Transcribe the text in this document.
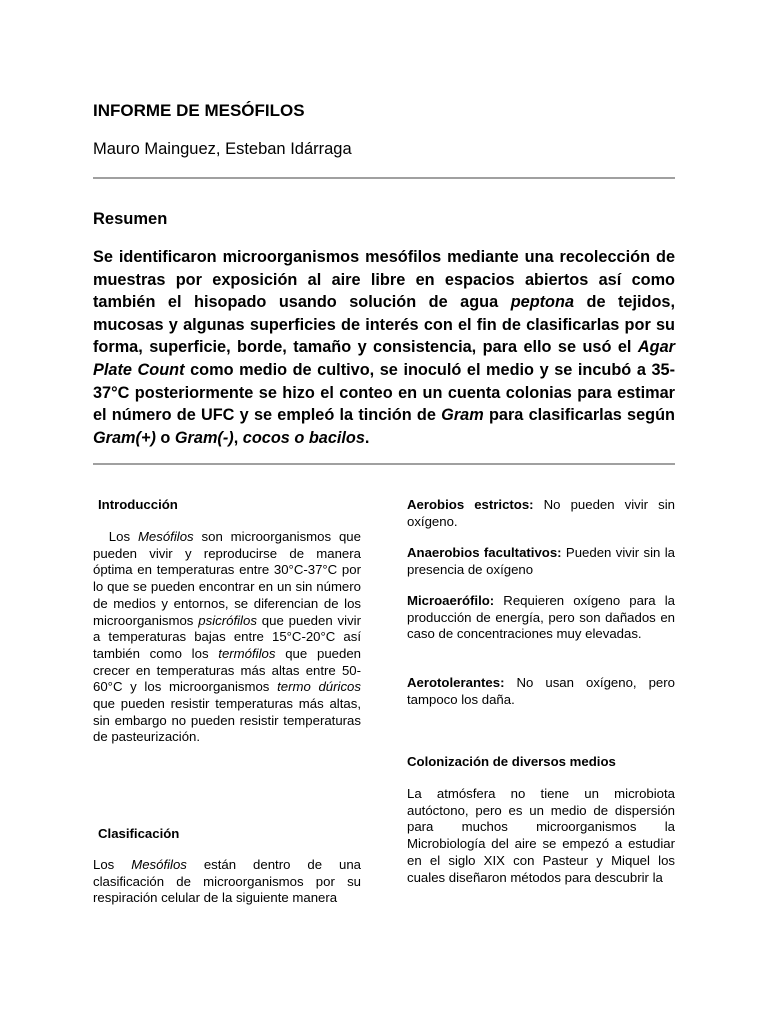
INFORME DE MESÓFILOS
Mauro Mainguez, Esteban Idárraga
Resumen
Se identificaron microorganismos mesófilos mediante una recolección de muestras por exposición al aire libre en espacios abiertos así como también el hisopado usando solución de agua peptona de tejidos, mucosas y algunas superficies de interés con el fin de clasificarlas por su forma, superficie, borde, tamaño y consistencia, para ello se usó el Agar Plate Count como medio de cultivo, se inoculó el medio y se incubó a 35-37°C posteriormente se hizo el conteo en un cuenta colonias para estimar el número de UFC y se empleó la tinción de Gram para clasificarlas según Gram(+) o Gram(-), cocos o bacilos.

Introducción

Los Mesófilos son microorganismos que pueden vivir y reproducirse de manera óptima en temperaturas entre 30°C-37°C por lo que se pueden encontrar en un sin número de medios y entornos, se diferencian de los microorganismos psicrófilos que pueden vivir a temperaturas bajas entre 15°C-20°C así también como los termófilos que pueden crecer en temperaturas más altas entre 50-60°C y los microorganismos termo dúricos que pueden resistir temperaturas más altas, sin embargo no pueden resistir temperaturas de pasteurización.

Clasificación

Los Mesófilos están dentro de una clasificación de microorganismos por su respiración celular de la siguiente manera

Aerobios estrictos: No pueden vivir sin oxígeno.

Anaerobios facultativos: Pueden vivir sin la presencia de oxígeno

Microaerófilo: Requieren oxígeno para la producción de energía, pero son dañados en caso de concentraciones muy elevadas.

Aerotolerantes: No usan oxígeno, pero tampoco los daña.

Colonización de diversos medios

La atmósfera no tiene un microbiota autóctono, pero es un medio de dispersión para muchos microorganismos la Microbiología del aire se empezó a estudiar en el siglo XIX con Pasteur y Miquel los cuales diseñaron métodos para descubrir la
